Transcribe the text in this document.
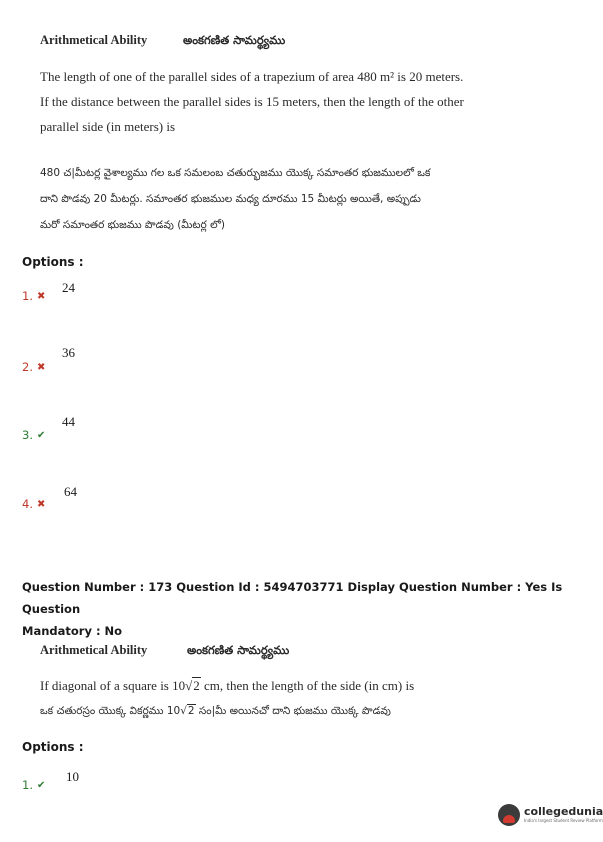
Arithmetical Ability	అంకగణిత సామర్థ్యము
The length of one of the parallel sides of a trapezium of area 480 m² is 20 meters.
If the distance between the parallel sides is 15 meters, then the length of the other
parallel side (in meters) is
480 చ|మీటర్ల వైశాల్యము గల ఒక సమలంబ చతుర్భుజము యొక్క సమాంతర భుజములలో ఒక
దాని పొడవు 20 మీటర్లు. సమాంతర భుజముల మధ్య దూరము 15 మీటర్లు అయితే, అప్పుడు
మరో సమాంతర భుజము పొడవు (మీటర్ల లో)
Options :
24
1. ✖
36
2. ✖
44
3. ✔
64
4. ✖
Question Number : 173 Question Id : 5494703771 Display Question Number : Yes Is Question
Mandatory : No
Arithmetical Ability	అంకగణిత సామర్థ్యము
If diagonal of a square is 10√2 cm, then the length of the side (in cm) is
ఒక చతురస్రం యొక్క వికర్ణము 10√2 సం|మీ అయినచో దాని భుజము యొక్క పొడవు
Options :
10
1. ✔
collegedunia
India's largest Student Review Platform
